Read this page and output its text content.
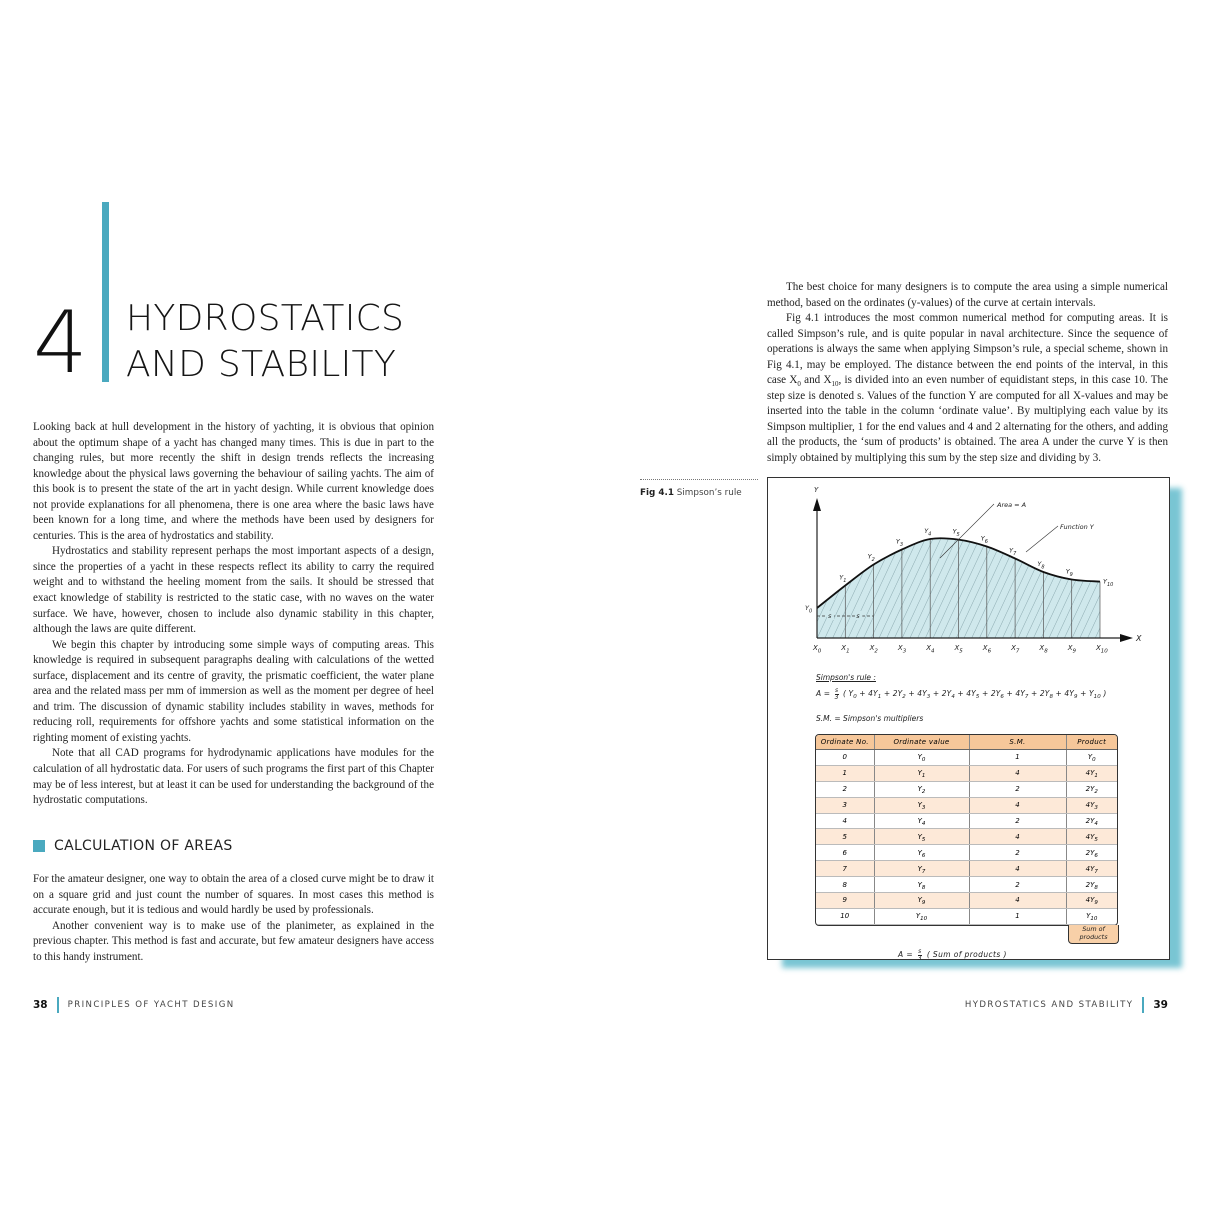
4 HYDROSTATICS
AND STABILITY

Looking back at hull development in the history of yachting, it is obvious that opinion about the optimum shape of a yacht has changed many times. This is due in part to the changing rules, but more recently the shift in design trends reflects the increasing knowledge about the physical laws governing the behaviour of sailing yachts. The aim of this book is to present the state of the art in yacht design. While current knowledge does not provide explanations for all phenomena, there is one area where the basic laws have been known for a long time, and where the methods have been used by designers for centuries. This is the area of hydrostatics and stability.

Hydrostatics and stability represent perhaps the most important aspects of a design, since the properties of a yacht in these respects reflect its ability to carry the required weight and to withstand the heeling moment from the sails. It should be stressed that exact knowledge of stability is restricted to the static case, with no waves on the water surface. We have, however, chosen to include also dynamic stability in this chapter, although the laws are quite different.

We begin this chapter by introducing some simple ways of computing areas. This knowledge is required in subsequent paragraphs dealing with calculations of the wetted surface, displacement and its centre of gravity, the prismatic coefficient, the water plane area and the related mass per mm of immersion as well as the moment per degree of heel and trim. The discussion of dynamic stability includes stability in waves, methods for reducing roll, requirements for offshore yachts and some statistical information on the righting moment of existing yachts.

Note that all CAD programs for hydrodynamic applications have modules for the calculation of all hydrostatic data. For users of such programs the first part of this Chapter may be of less interest, but at least it can be used for understanding the background of the hydrostatic computations.

CALCULATION OF AREAS

For the amateur designer, one way to obtain the area of a closed curve might be to draw it on a square grid and just count the number of squares. In most cases this method is accurate enough, but it is tedious and would hardly be used by professionals.

Another convenient way is to make use of the planimeter, as explained in the previous chapter. This method is fast and accurate, but few amateur designers have access to this handy instrument.

38 PRINCIPLES OF YACHT DESIGN

The best choice for many designers is to compute the area using a simple numerical method, based on the ordinates (y-values) of the curve at certain intervals.

Fig 4.1 introduces the most common numerical method for computing areas. It is called Simpson’s rule, and is quite popular in naval architecture. Since the sequence of operations is always the same when applying Simpson’s rule, a special scheme, shown in Fig 4.1, may be employed. The distance between the end points of the interval, in this case $X_0$ and $X_{10}$, is divided into an even number of equidistant steps, in this case 10. The step size is denoted s. Values of the function Y are computed for all X-values and may be inserted into the table in the column ‘ordinate value’. By multiplying each value by its Simpson multiplier, 1 for the end values and 4 and 2 alternating for the others, and adding all the products, the ‘sum of products’ is obtained. The area A under the curve Y is then simply obtained by multiplying this sum by the step size and dividing by 3.

Fig 4.1 Simpson’s rule	Y
X
$X_0$	$X_1$	$X_2$	$X_3$	$X_4$	$X_5$	$X_6$	$X_7$	$X_8$	$X_9$	$X_{10}$
$Y_0$
$Y_1$
$Y_2$
$Y_3$
$Y_4$	$Y_5$	$Y_6$
$Y_7$
$Y_8$	$Y_9$
$Y_{10}$
s	s
Area = A
Function Y
Simpson's rule :
$A = \frac{s}{3}$ ( $Y_0 + 4Y_1 + 2Y_2 + 4Y_3 + 2Y_4 + 4Y_5 + 2Y_6 + 4Y_7 + 2Y_8 + 4Y_9 + Y_{10}$ )
S.M. = Simpson's multipliers
Ordinate No.	Ordinate value	S.M.	Product
0	$Y_0$	1	$Y_0$
1	$Y_1$	4	$4Y_1$
2	$Y_2$	2	$2Y_2$
3	$Y_3$	4	$4Y_3$
4	$Y_4$	2	$2Y_4$
5	$Y_5$	4	$4Y_5$
6	$Y_6$	2	$2Y_6$
7	$Y_7$	4	$4Y_7$
8	$Y_8$	2	$2Y_8$
9	$Y_9$	4	$4Y_9$
10	$Y_{10}$	1	$Y_{10}$
Sum of
products
$A = \frac{s}{3}$ ( Sum of products )
HYDROSTATICS AND STABILITY 39
